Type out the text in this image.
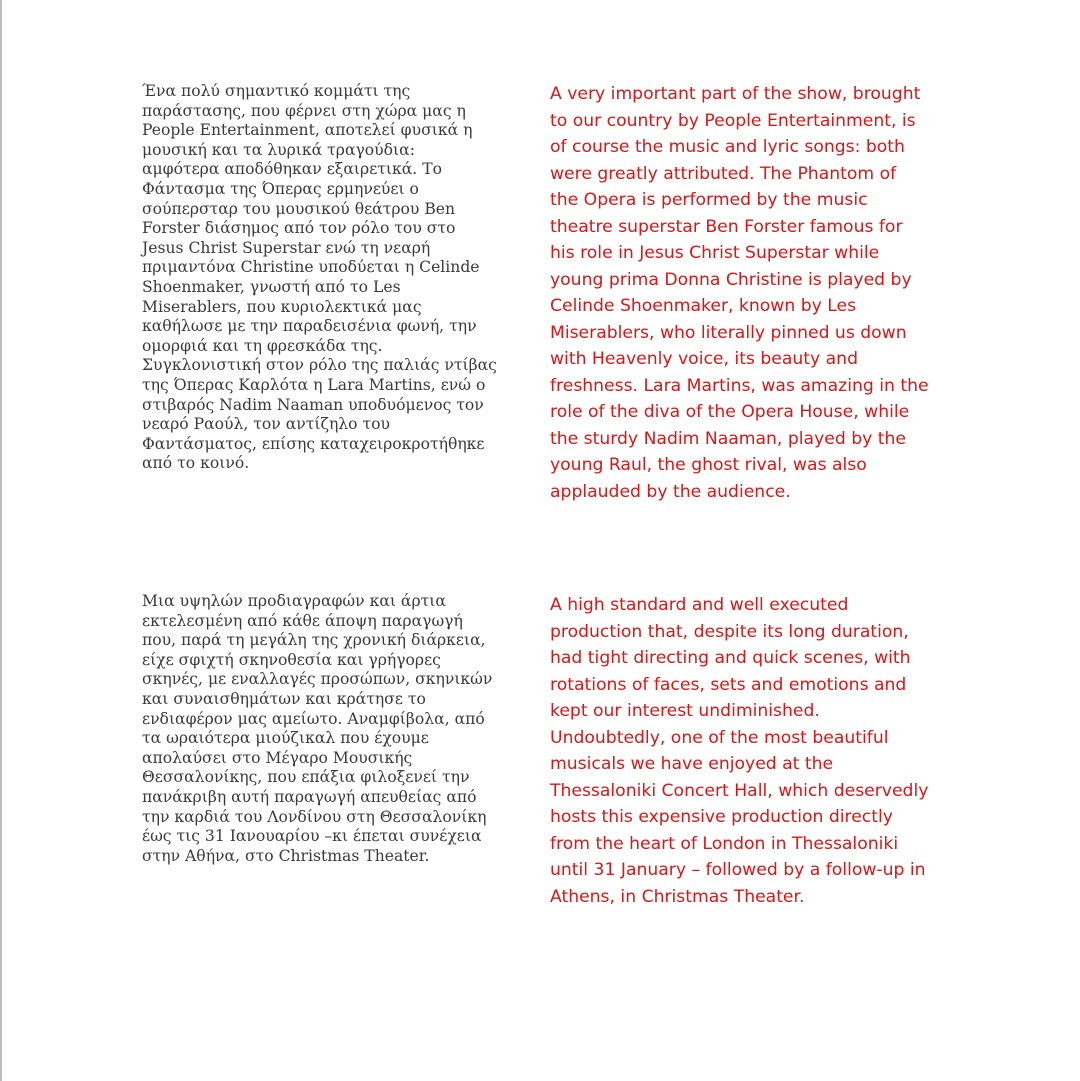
Ένα πολύ σημαντικό κομμάτι της
παράστασης, που φέρνει στη χώρα μας η
People Entertainment, αποτελεί φυσικά η
μουσική και τα λυρικά τραγούδια:
αμφότερα αποδόθηκαν εξαιρετικά. Το
Φάντασμα της Όπερας ερμηνεύει ο
σούπερσταρ του μουσικού θεάτρου Ben
Forster διάσημος από τον ρόλο του στο
Jesus Christ Superstar ενώ τη νεαρή
πριμαντόνα Christine υποδύεται η Celinde
Shoenmaker, γνωστή από το Les
Miserablers, που κυριολεκτικά μας
καθήλωσε με την παραδεισένια φωνή, την
ομορφιά και τη φρεσκάδα της.
Συγκλονιστική στον ρόλο της παλιάς ντίβας
της Όπερας Καρλότα η Lara Martins, ενώ ο
στιβαρός Nadim Naaman υποδυόμενος τον
νεαρό Ραούλ, τον αντίζηλο του
Φαντάσματος, επίσης καταχειροκροτήθηκε
από το κοινό.

A very important part of the show, brought
to our country by People Entertainment, is
of course the music and lyric songs: both
were greatly attributed. The Phantom of
the Opera is performed by the music
theatre superstar Ben Forster famous for
his role in Jesus Christ Superstar while
young prima Donna Christine is played by
Celinde Shoenmaker, known by Les
Miserablers, who literally pinned us down
with Heavenly voice, its beauty and
freshness. Lara Martins, was amazing in the
role of the diva of the Opera House, while
the sturdy Nadim Naaman, played by the
young Raul, the ghost rival, was also
applauded by the audience.

Μια υψηλών προδιαγραφών και άρτια
εκτελεσμένη από κάθε άποψη παραγωγή
που, παρά τη μεγάλη της χρονική διάρκεια,
είχε σφιχτή σκηνοθεσία και γρήγορες
σκηνές, με εναλλαγές προσώπων, σκηνικών
και συναισθημάτων και κράτησε το
ενδιαφέρον μας αμείωτο. Αναμφίβολα, από
τα ωραιότερα μιούζικαλ που έχουμε
απολαύσει στο Μέγαρο Μουσικής
Θεσσαλονίκης, που επάξια φιλοξενεί την
πανάκριβη αυτή παραγωγή απευθείας από
την καρδιά του Λονδίνου στη Θεσσαλονίκη
έως τις 31 Ιανουαρίου –κι έπεται συνέχεια
στην Αθήνα, στο Christmas Theater.

A high standard and well executed
production that, despite its long duration,
had tight directing and quick scenes, with
rotations of faces, sets and emotions and
kept our interest undiminished.
Undoubtedly, one of the most beautiful
musicals we have enjoyed at the
Thessaloniki Concert Hall, which deservedly
hosts this expensive production directly
from the heart of London in Thessaloniki
until 31 January – followed by a follow-up in
Athens, in Christmas Theater.
